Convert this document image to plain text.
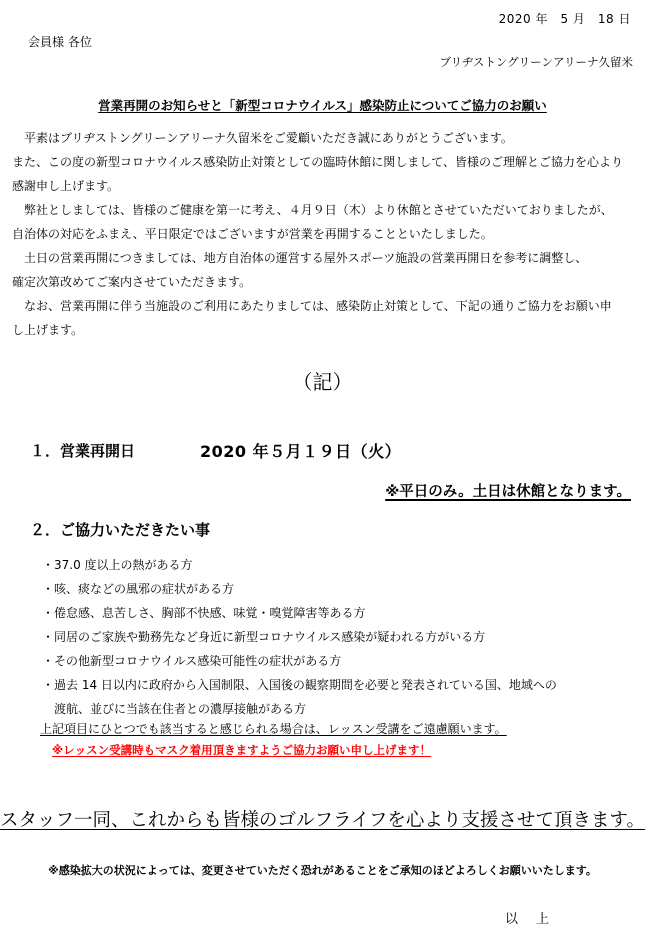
2020 年　5 月　18 日
会員様 各位
ブリヂストングリーンアリーナ久留米
営業再開のお知らせと「新型コロナウイルス」感染防止についてご協力のお願い
　平素はブリヂストングリーンアリーナ久留米をご愛顧いただき誠にありがとうございます。
また、この度の新型コロナウイルス感染防止対策としての臨時休館に関しまして、皆様のご理解とご協力を心より
感謝申し上げます。
　弊社としましては、皆様のご健康を第一に考え、４月９日（木）より休館とさせていただいておりましたが、
自治体の対応をふまえ、平日限定ではございますが営業を再開することといたしました。
　土日の営業再開につきましては、地方自治体の運営する屋外スポーツ施設の営業再開日を参考に調整し、
確定次第改めてご案内させていただきます。
　なお、営業再開に伴う当施設のご利用にあたりましては、感染防止対策として、下記の通りご協力をお願い申
し上げます。
（記）
１．営業再開日	2020 年５月１９日（火）
※平日のみ。土日は休館となります。
２．ご協力いただきたい事
・37.0 度以上の熱がある方
・咳、痰などの風邪の症状がある方
・倦怠感、息苦しさ、胸部不快感、味覚・嗅覚障害等ある方
・同居のご家族や勤務先など身近に新型コロナウイルス感染が疑われる方がいる方
・その他新型コロナウイルス感染可能性の症状がある方
・過去 14 日以内に政府から入国制限、入国後の観察期間を必要と発表されている国、地域への
渡航、並びに当該在住者との濃厚接触がある方
上記項目にひとつでも該当すると感じられる場合は、レッスン受講をご遠慮願います。
※レッスン受講時もマスク着用頂きますようご協力お願い申し上げます！
スタッフ一同、これからも皆様のゴルフライフを心より支援させて頂きます。
※感染拡大の状況によっては、変更させていただく恐れがあることをご承知のほどよろしくお願いいたします。
以上
